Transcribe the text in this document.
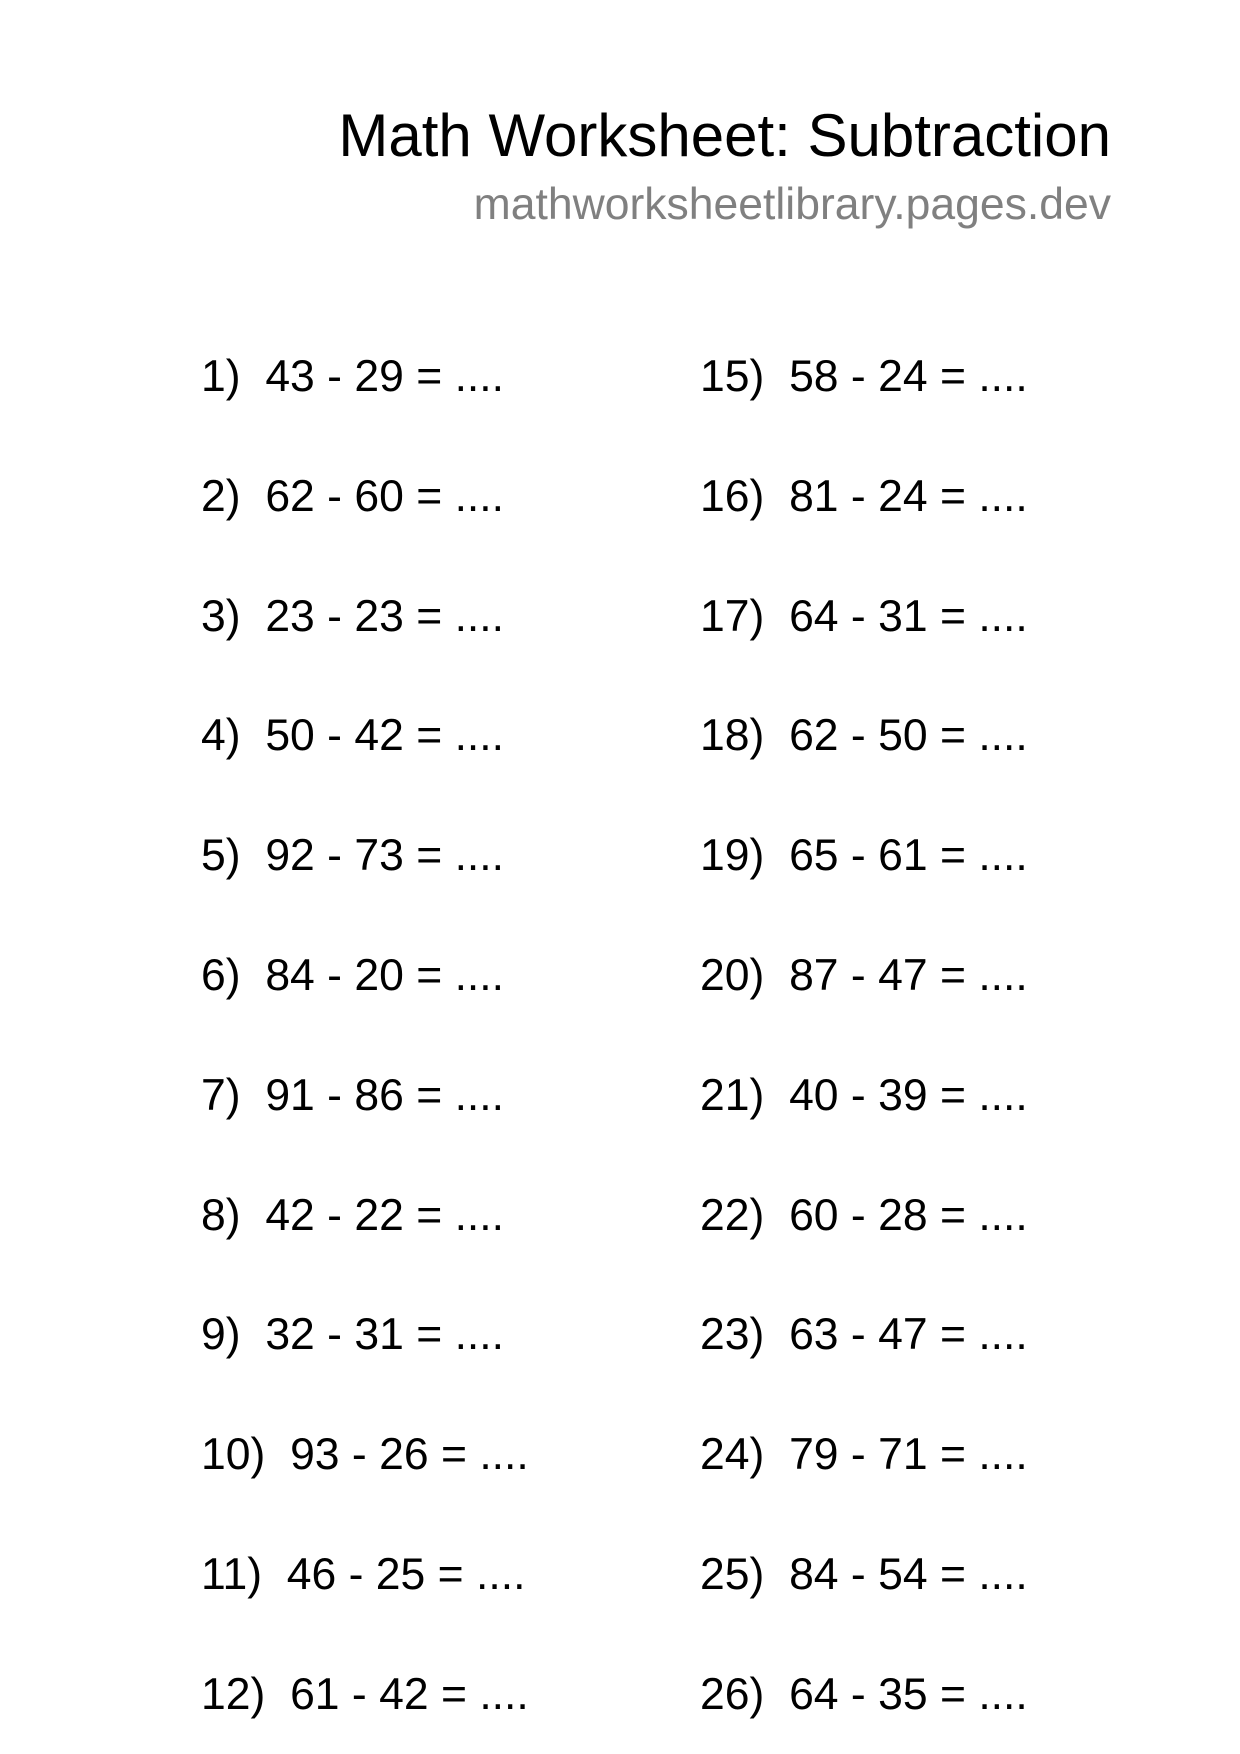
Math Worksheet: Subtraction
mathworksheetlibrary.pages.dev
1) 43 - 29 = ....
2) 62 - 60 = ....
3) 23 - 23 = ....
4) 50 - 42 = ....
5) 92 - 73 = ....
6) 84 - 20 = ....
7) 91 - 86 = ....
8) 42 - 22 = ....
9) 32 - 31 = ....
10) 93 - 26 = ....
11) 46 - 25 = ....
12) 61 - 42 = ....
15) 58 - 24 = ....
16) 81 - 24 = ....
17) 64 - 31 = ....
18) 62 - 50 = ....
19) 65 - 61 = ....
20) 87 - 47 = ....
21) 40 - 39 = ....
22) 60 - 28 = ....
23) 63 - 47 = ....
24) 79 - 71 = ....
25) 84 - 54 = ....
26) 64 - 35 = ....
